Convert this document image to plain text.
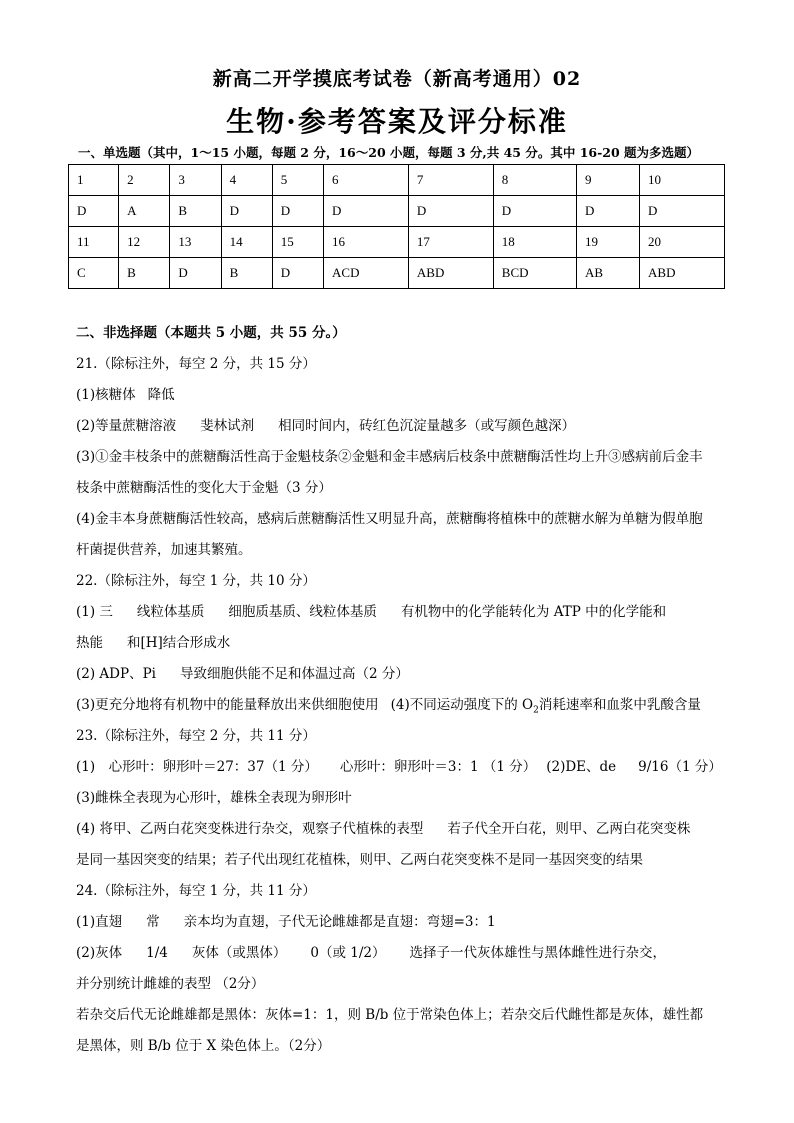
新高二开学摸底考试卷（新高考通用）02
生物·参考答案及评分标准
一、单选题（其中，1～15 小题，每题 2 分，16～20 小题，每题 3 分,共 45 分。其中 16-20 题为多选题）
1	2	3	4	5	6	7	8	9	10
D	A	B	D	D	D	D	D	D	D
11	12	13	14	15	16	17	18	19	20
C	B	D	B	D	ACD	ABD	BCD	AB	ABD
二、非选择题（本题共 5 小题，共 55 分。）
21.（除标注外，每空 2 分，共 15 分）
(1)核糖体 降低
(2)等量蔗糖溶液 斐林试剂 相同时间内，砖红色沉淀量越多（或写颜色越深）
(3)①金丰枝条中的蔗糖酶活性高于金魁枝条②金魁和金丰感病后枝条中蔗糖酶活性均上升③感病前后金丰
枝条中蔗糖酶活性的变化大于金魁（3 分）
(4)金丰本身蔗糖酶活性较高，感病后蔗糖酶活性又明显升高，蔗糖酶将植株中的蔗糖水解为单糖为假单胞
杆菌提供营养，加速其繁殖。
22.（除标注外，每空 1 分，共 10 分）
(1) 三 线粒体基质 细胞质基质、线粒体基质 有机物中的化学能转化为 ATP 中的化学能和
热能 和[H]结合形成水
(2) ADP、Pi 导致细胞供能不足和体温过高（2 分）
(3)更充分地将有机物中的能量释放出来供细胞使用 (4)不同运动强度下的 $O_2$消耗速率和血浆中乳酸含量
23.（除标注外，每空 2 分，共 11 分）
(1)　心形叶：卵形叶＝27：37（1 分） 心形叶：卵形叶＝3：1 （1 分） (2)DE、de 9/16（1 分）
(3)雌株全表现为心形叶，雄株全表现为卵形叶
(4) 将甲、乙两白花突变株进行杂交，观察子代植株的表型 若子代全开白花，则甲、乙两白花突变株
是同一基因突变的结果；若子代出现红花植株，则甲、乙两白花突变株不是同一基因突变的结果
24.（除标注外，每空 1 分，共 11 分）
(1)直翅 常 亲本均为直翅，子代无论雌雄都是直翅：弯翅=3：1
(2)灰体 1/4 灰体（或黑体） 0（或 1/2） 选择子一代灰体雄性与黑体雌性进行杂交，
并分别统计雌雄的表型 （2分）
若杂交后代无论雌雄都是黑体：灰体=1：1，则 B/b 位于常染色体上；若杂交后代雌性都是灰体，雄性都
是黑体，则 B/b 位于 X 染色体上。（2分）
